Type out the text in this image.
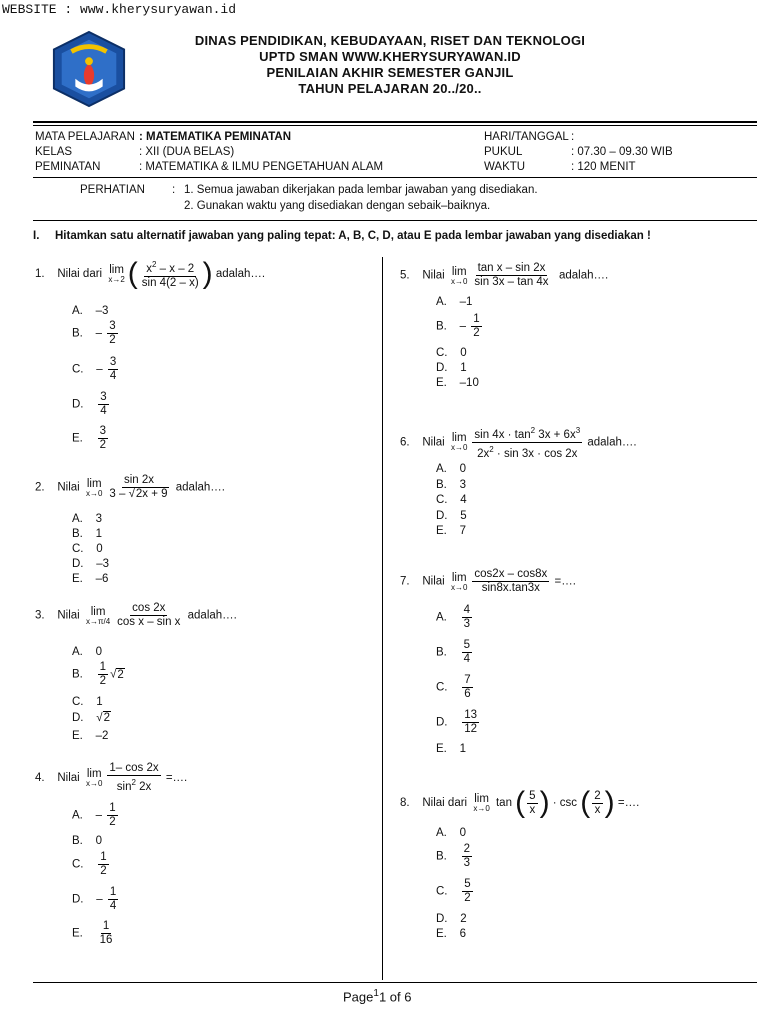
WEBSITE : www.kherysuryawan.id
DINAS PENDIDIKAN, KEBUDAYAAN, RISET DAN TEKNOLOGI
UPTD SMAN WWW.KHERYSURYAWAN.ID
PENILAIAN AKHIR SEMESTER GANJIL
TAHUN PELAJARAN 20../20..
MATA PELAJARAN : MATEMATIKA PEMINATAN
KELAS	: XII (DUA BELAS)
PEMINATAN	: MATEMATIKA & ILMU PENGETAHUAN ALAM
HARI/TANGGAL :
PUKUL	: 07.30 – 09.30 WIB
WAKTU	: 120 MENIT
PERHATIAN : 1. Semua jawaban dikerjakan pada lembar jawaban yang disediakan.
2. Gunakan waktu yang disediakan dengan sebaik–baiknya.
I. Hitamkan satu alternatif jawaban yang paling tepat: A, B, C, D, atau E pada lembar jawaban yang disediakan !
1. Nilai dari lim
x→2 ( $\frac{x^2 - x - 2}{\sin 4(2 - x)}$ ) adalah….
A.    –3
B.    – $\frac{3}{2}$
C.    – $\frac{3}{4}$
D. $\frac{3}{4}$
E. $\frac{3}{2}$
2. Nilai lim
$x\to 0 \frac{\sin 2x}{3 - √2x + 9}$ adalah….
A.    3
B.    1
C.    0
D.    –3
E.    –6
3. Nilai lim
$x\to\pi/4 \frac{\cos 2x}{\text{cos x – sin x}}$ adalah….
A.    0
B. $\frac{1}{2} √2$
C.    1
D.    √2
E.    –2
4. Nilai lim
$x\to 0 \frac{1- \cos 2x}{\sin^2 2x}$ =….
A.    – $\frac{1}{2}$
B.    0
C. $\frac{1}{2}$
D.    – $\frac{1}{4}$
E. $\frac{1}{16}$
5. Nilai lim
$x\to 0 \frac{\text{tan x – sin 2x}}{\sin 3x - \tan 4x}$ adalah….
A.    –1
B.    – $\frac{1}{2}$
C.    0
D.    1
E.    –10
6. Nilai lim
$x\to 0 \frac{\sin 4x \cdot \tan^2 3x + 6x^3}{2x^2 \cdot \sin 3x \cdot \cos 2x}$ adalah….
A.    0
B.    3
C.    4
D.    5
E.    7
7. Nilai lim
$x\to 0 \frac{\cos 2x - \cos 8x}{\sin 8x.\tan 3x}$ =….
A. $\frac{4}{3}$
B. $\frac{5}{4}$
C. $\frac{7}{6}$
D. $\frac{13}{12}$
E.    1
8. Nilai dari lim
x→0 tan ( $\frac{5}{x}$ ) · csc ( $\frac{2}{x}$ ) =….
A.    0
B. $\frac{2}{3}$
C. $\frac{5}{2}$
D.    2
E.    6
Page$^1$1 of 6
